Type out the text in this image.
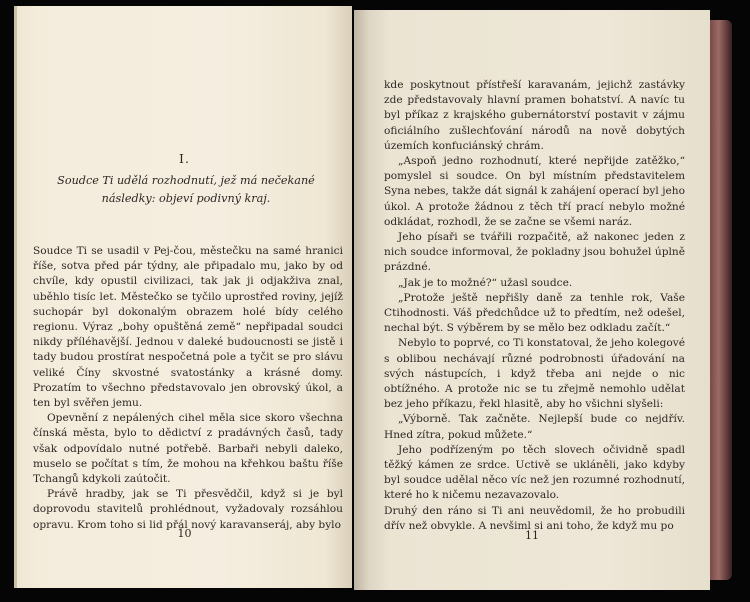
I.
Soudce Ti udělá rozhodnutí, jež má nečekané následky: objeví podivný kraj.

Soudce Ti se usadil v Pej-čou, městečku na samé hranici říše, sotva před pár týdny, ale připadalo mu, jako by od chvíle, kdy opustil civilizaci, tak jak ji odjakživa znal, uběhlo tisíc let. Městečko se tyčilo uprostřed roviny, jejíž suchopár byl dokonalým obrazem holé bídy celého regionu. Výraz „bohy opuštěná země“ nepřipadal soudci nikdy příléhavější. Jednou v daleké budoucnosti se jistě i tady budou prostírat nespočetná pole a tyčit se pro slávu veliké Číny skvostné svatostánky a krásné domy. Prozatím to všechno představovalo jen obrovský úkol, a ten byl svěřen jemu.

Opevnění z nepálených cihel měla sice skoro všechna čínská města, bylo to dědictví z pradávných časů, tady však odpovídalo nutné potřebě. Barbaři nebyli daleko, muselo se počítat s tím, že mohou na křehkou baštu říše Tchangů kdykoli zaútočit.

Právě hradby, jak se Ti přesvědčil, když si je byl doprovodu stavitelů prohlédnout, vyžadovaly rozsáhlou opravu. Krom toho si lid přál nový karavanseráj, aby bylo

10

kde poskytnout přístřeší karavanám, jejichž zastávky zde představovaly hlavní pramen bohatství. A navíc tu byl příkaz z krajského gubernátorství postavit v zájmu oficiálního zušlechťování národů na nově dobytých územích konfuciánský chrám.

„Aspoň jedno rozhodnutí, které nepřijde zatěžko,“ pomyslel si soudce. On byl místním představitelem Syna nebes, takže dát signál k zahájení operací byl jeho úkol. A protože žádnou z těch tří prací nebylo možné odkládat, rozhodl, že se začne se všemi naráz.

Jeho písaři se tvářili rozpačitě, až nakonec jeden z nich soudce informoval, že pokladny jsou bohužel úplně prázdné.

„Jak je to možné?“ užasl soudce.

„Protože ještě nepřišly daně za tenhle rok, Vaše Ctihodnosti. Váš předchůdce už to předtím, než odešel, nechal být. S výběrem by se mělo bez odkladu začít.“

Nebylo to poprvé, co Ti konstatoval, že jeho kolegové s oblibou nechávají různé podrobnosti úřadování na svých nástupcích, i když třeba ani nejde o nic obtížného. A protože nic se tu zřejmě nemohlo udělat bez jeho příkazu, řekl hlasitě, aby ho všichni slyšeli:

„Výborně. Tak začněte. Nejlepší bude co nejdřív. Hned zítra, pokud můžete.“

Jeho podřízeným po těch slovech očividně spadl těžký kámen ze srdce. Uctivě se ukláněli, jako kdyby byl soudce udělal něco víc než jen rozumné rozhodnutí, které ho k ničemu nezavazovalo.

Druhý den ráno si Ti ani neuvědomil, že ho probudili dřív než obvykle. A nevšiml si ani toho, že když mu po

11
